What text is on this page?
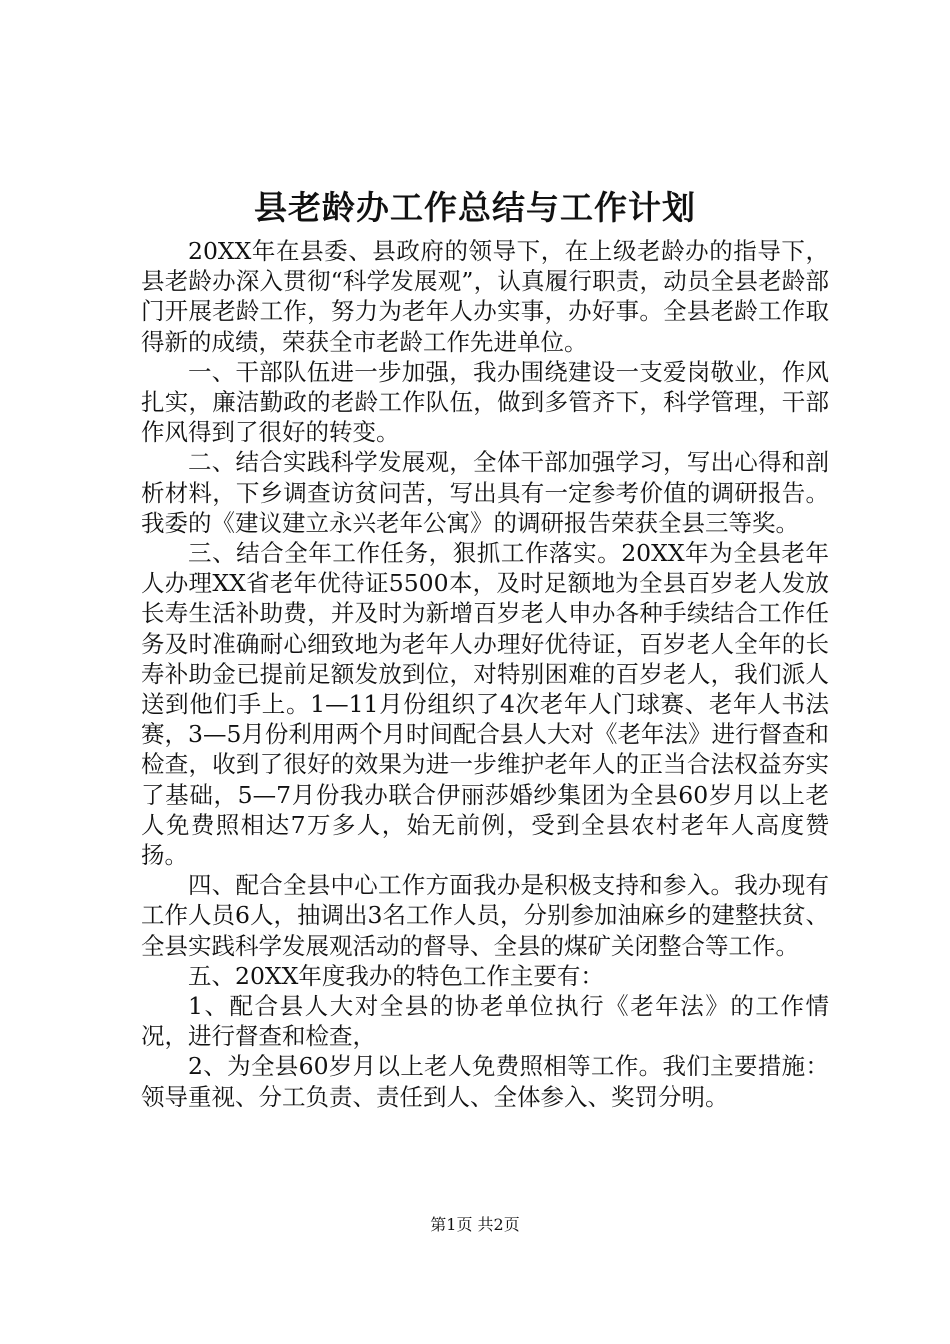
县老龄办工作总结与工作计划

20XX年在县委、县政府的领导下，在上级老龄办的指导下，县老龄办深入贯彻“科学发展观”，认真履行职责，动员全县老龄部门开展老龄工作，努力为老年人办实事，办好事。全县老龄工作取得新的成绩，荣获全市老龄工作先进单位。

一、干部队伍进一步加强，我办围绕建设一支爱岗敬业，作风扎实，廉洁勤政的老龄工作队伍，做到多管齐下，科学管理，干部作风得到了很好的转变。

二、结合实践科学发展观，全体干部加强学习，写出心得和剖析材料，下乡调查访贫问苦，写出具有一定参考价值的调研报告。我委的《建议建立永兴老年公寓》的调研报告荣获全县三等奖。

三、结合全年工作任务，狠抓工作落实。20XX年为全县老年人办理XX省老年优待证5500本，及时足额地为全县百岁老人发放长寿生活补助费，并及时为新增百岁老人申办各种手续结合工作任务及时准确耐心细致地为老年人办理好优待证，百岁老人全年的长寿补助金已提前足额发放到位，对特别困难的百岁老人，我们派人送到他们手上。1—11月份组织了4次老年人门球赛、老年人书法赛，3—5月份利用两个月时间配合县人大对《老年法》进行督查和检查，收到了很好的效果为进一步维护老年人的正当合法权益夯实了基础，5—7月份我办联合伊丽莎婚纱集团为全县60岁月以上老人免费照相达7万多人，始无前例，受到全县农村老年人高度赞扬。

四、配合全县中心工作方面我办是积极支持和参入。我办现有工作人员6人，抽调出3名工作人员，分别参加油麻乡的建整扶贫、全县实践科学发展观活动的督导、全县的煤矿关闭整合等工作。

五、20XX年度我办的特色工作主要有：

1、配合县人大对全县的协老单位执行《老年法》的工作情况，进行督查和检查，

2、为全县60岁月以上老人免费照相等工作。我们主要措施：领导重视、分工负责、责任到人、全体参入、奖罚分明。

第1页 共2页
